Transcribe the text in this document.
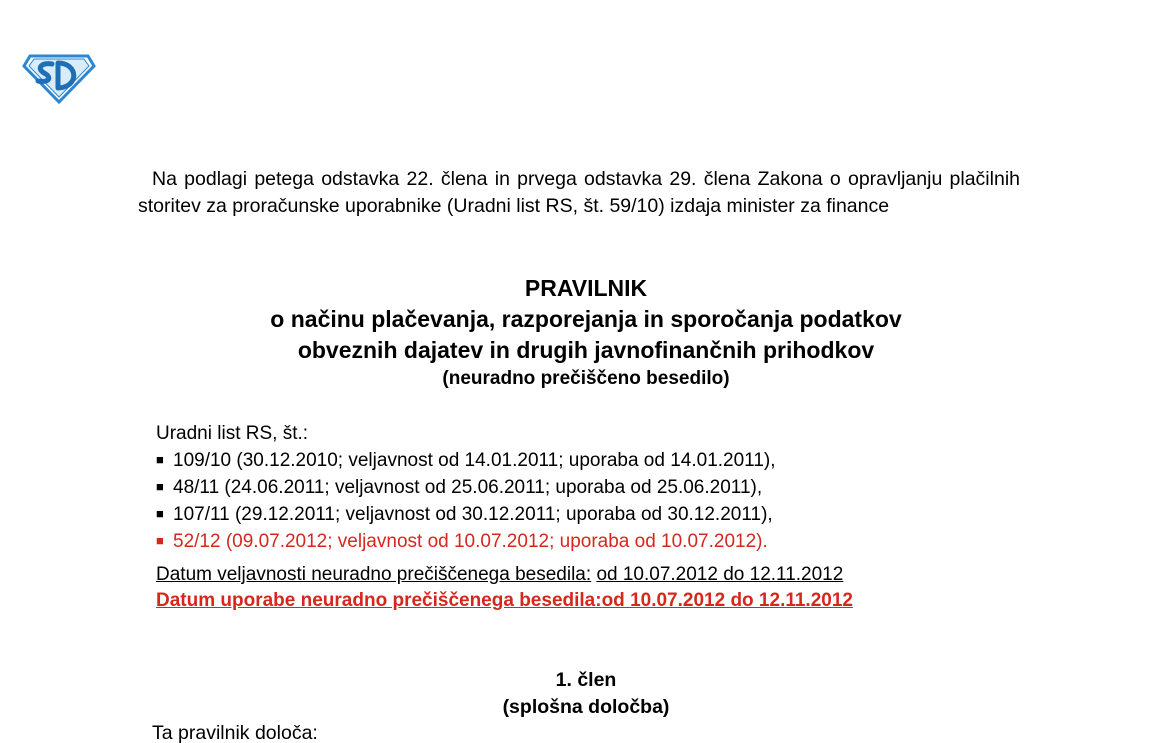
Na podlagi petega odstavka 22. člena in prvega odstavka 29. člena Zakona o opravljanju plačilnih storitev za proračunske uporabnike (Uradni list RS, št. 59/10) izdaja minister za finance
PRAVILNIK
o načinu plačevanja, razporejanja in sporočanja podatkov
obveznih dajatev in drugih javnofinančnih prihodkov
(neuradno prečiščeno besedilo)
Uradni list RS, št.:
■ 109/10 (30.12.2010; veljavnost od 14.01.2011; uporaba od 14.01.2011),
■ 48/11 (24.06.2011; veljavnost od 25.06.2011; uporaba od 25.06.2011),
■ 107/11 (29.12.2011; veljavnost od 30.12.2011; uporaba od 30.12.2011),
■ 52/12 (09.07.2012; veljavnost od 10.07.2012; uporaba od 10.07.2012).
Datum veljavnosti neuradno prečiščenega besedila: od 10.07.2012 do 12.11.2012
Datum uporabe neuradno prečiščenega besedila:od 10.07.2012 do 12.11.2012
1. člen
(splošna določba)
Ta pravilnik določa:
